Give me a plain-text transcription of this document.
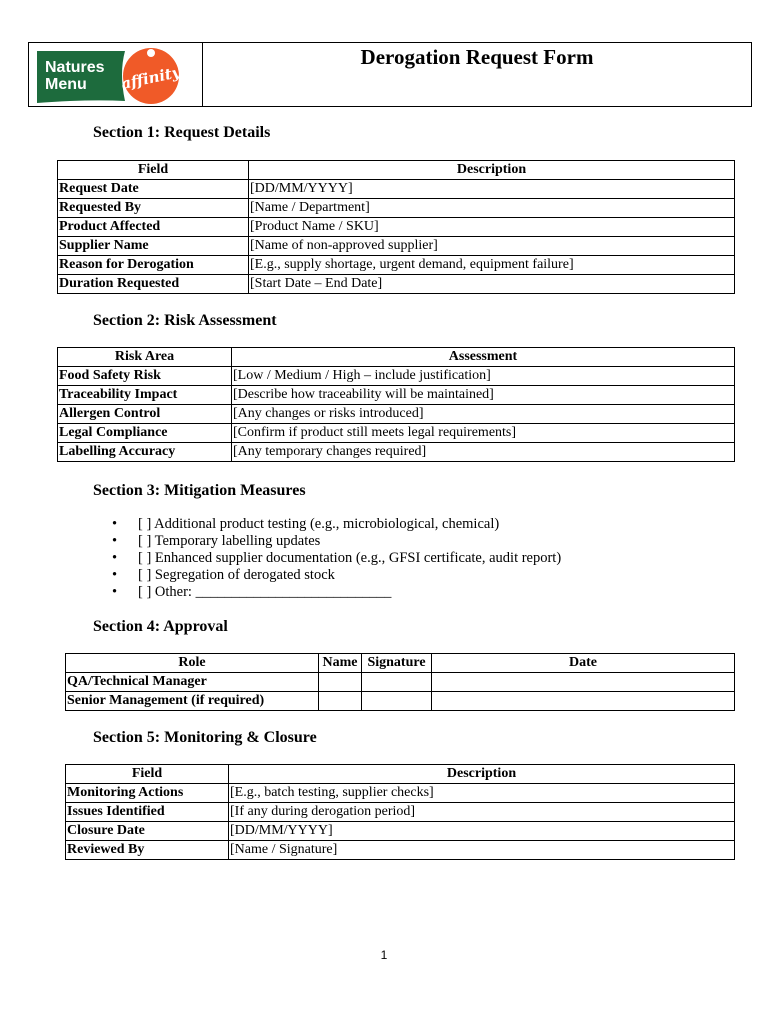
Natures
Menu affinity
Derogation Request Form
Section 1: Request Details
Field	Description
Request Date	[DD/MM/YYYY]
Requested By	[Name / Department]
Product Affected	[Product Name / SKU]
Supplier Name	[Name of non-approved supplier]
Reason for Derogation	[E.g., supply shortage, urgent demand, equipment failure]
Duration Requested	[Start Date – End Date]
Section 2: Risk Assessment
Risk Area	Assessment
Food Safety Risk	[Low / Medium / High – include justification]
Traceability Impact	[Describe how traceability will be maintained]
Allergen Control	[Any changes or risks introduced]
Legal Compliance	[Confirm if product still meets legal requirements]
Labelling Accuracy	[Any temporary changes required]
Section 3: Mitigation Measures
• [ ] Additional product testing (e.g., microbiological, chemical)
• [ ] Temporary labelling updates
• [ ] Enhanced supplier documentation (e.g., GFSI certificate, audit report)
• [ ] Segregation of derogated stock
• [ ] Other: ___________________________
Section 4: Approval
Role	Name	Signature	Date
QA/Technical Manager			
Senior Management (if required)			
Section 5: Monitoring & Closure
Field	Description
Monitoring Actions	[E.g., batch testing, supplier checks]
Issues Identified	[If any during derogation period]
Closure Date	[DD/MM/YYYY]
Reviewed By	[Name / Signature]
1
